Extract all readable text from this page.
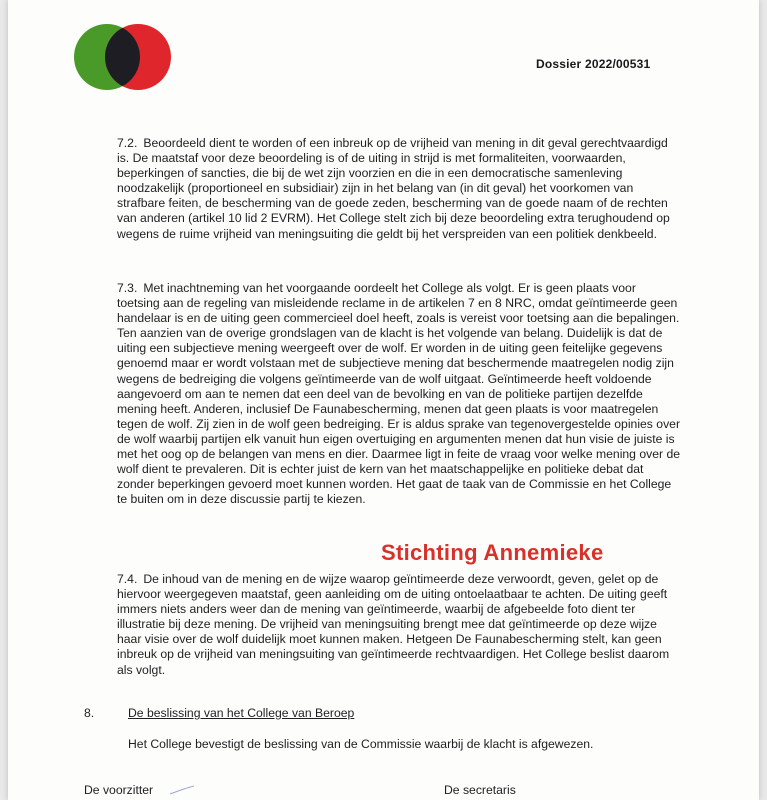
Dossier 2022/00531

7.2. Beoordeeld dient te worden of een inbreuk op de vrijheid van mening in dit geval gerechtvaardigd is. De maatstaf voor deze beoordeling is of de uiting in strijd is met formaliteiten, voorwaarden, beperkingen of sancties, die bij de wet zijn voorzien en die in een democratische samenleving noodzakelijk (proportioneel en subsidiair) zijn in het belang van (in dit geval) het voorkomen van strafbare feiten, de bescherming van de goede zeden, bescherming van de goede naam of de rechten van anderen (artikel 10 lid 2 EVRM). Het College stelt zich bij deze beoordeling extra terughoudend op wegens de ruime vrijheid van meningsuiting die geldt bij het verspreiden van een politiek denkbeeld.

7.3. Met inachtneming van het voorgaande oordeelt het College als volgt. Er is geen plaats voor toetsing aan de regeling van misleidende reclame in de artikelen 7 en 8 NRC, omdat geïntimeerde geen handelaar is en de uiting geen commercieel doel heeft, zoals is vereist voor toetsing aan die bepalingen. Ten aanzien van de overige grondslagen van de klacht is het volgende van belang. Duidelijk is dat de uiting een subjectieve mening weergeeft over de wolf. Er worden in de uiting geen feitelijke gegevens genoemd maar er wordt volstaan met de subjectieve mening dat beschermende maatregelen nodig zijn wegens de bedreiging die volgens geïntimeerde van de wolf uitgaat. Geïntimeerde heeft voldoende aangevoerd om aan te nemen dat een deel van de bevolking en van de politieke partijen dezelfde mening heeft. Anderen, inclusief De Faunabescherming, menen dat geen plaats is voor maatregelen tegen de wolf. Zij zien in de wolf geen bedreiging. Er is aldus sprake van tegenovergestelde opinies over de wolf waarbij partijen elk vanuit hun eigen overtuiging en argumenten menen dat hun visie de juiste is met het oog op de belangen van mens en dier. Daarmee ligt in feite de vraag voor welke mening over de wolf dient te prevaleren. Dit is echter juist de kern van het maatschappelijke en politieke debat dat zonder beperkingen gevoerd moet kunnen worden. Het gaat de taak van de Commissie en het College te buiten om in deze discussie partij te kiezen.

Stichting Annemieke

7.4. De inhoud van de mening en de wijze waarop geïntimeerde deze verwoordt, geven, gelet op de hiervoor weergegeven maatstaf, geen aanleiding om de uiting ontoelaatbaar te achten. De uiting geeft immers niets anders weer dan de mening van geïntimeerde, waarbij de afgebeelde foto dient ter illustratie bij deze mening. De vrijheid van meningsuiting brengt mee dat geïntimeerde op deze wijze haar visie over de wolf duidelijk moet kunnen maken. Hetgeen De Faunabescherming stelt, kan geen inbreuk op de vrijheid van meningsuiting van geïntimeerde rechtvaardigen. Het College beslist daarom als volgt.

8.	De beslissing van het College van Beroep
Het College bevestigt de beslissing van de Commissie waarbij de klacht is afgewezen.
De voorzitter	De secretaris
